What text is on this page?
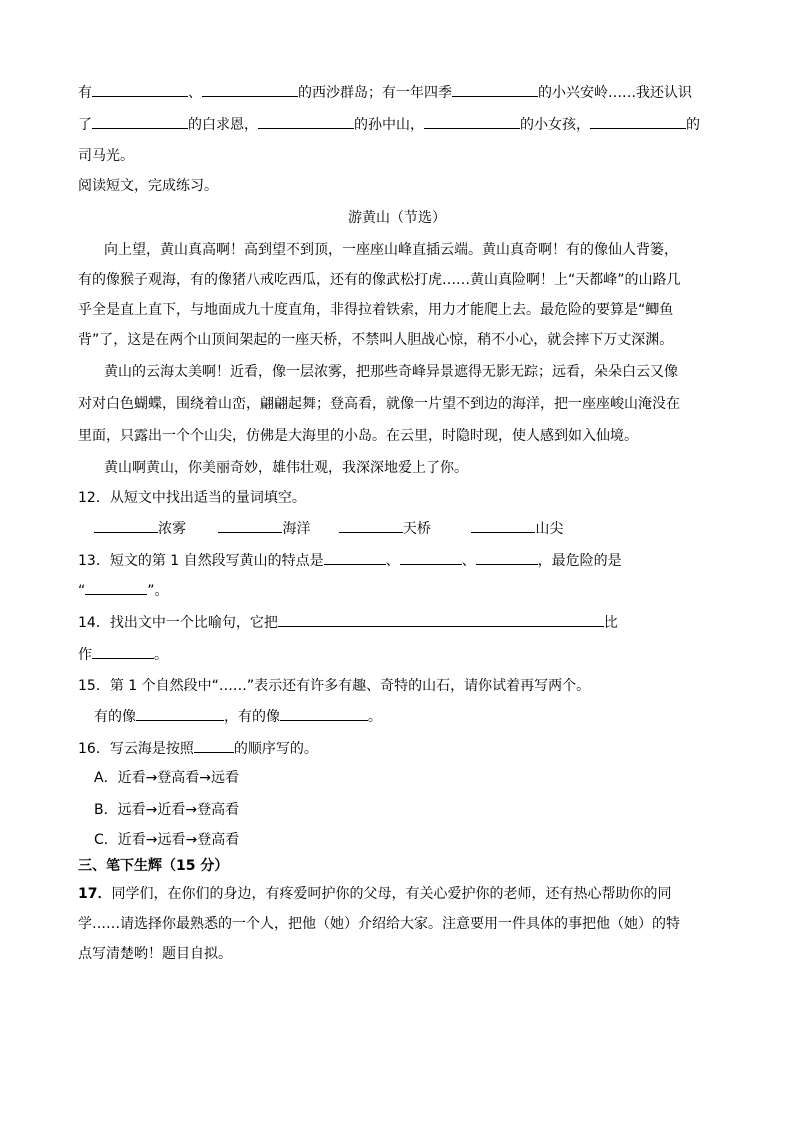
有	、	的西沙群岛；有一年四季	的小兴安岭……我还认识
了	的白求恩，	的孙中山，	的小女孩，	的
司马光。
阅读短文，完成练习。
游黄山（节选）
向上望，黄山真高啊！高到望不到顶，一座座山峰直插云端。黄山真奇啊！有的像仙人背篓，
有的像猴子观海，有的像猪八戒吃西瓜，还有的像武松打虎……黄山真险啊！上“天都峰”的山路几
乎全是直上直下，与地面成九十度直角，非得拉着铁索，用力才能爬上去。最危险的要算是“鲫鱼
背”了，这是在两个山顶间架起的一座天桥，不禁叫人胆战心惊，稍不小心，就会摔下万丈深渊。
黄山的云海太美啊！近看，像一层浓雾，把那些奇峰异景遮得无影无踪；远看，朵朵白云又像
对对白色蝴蝶，围绕着山峦，翩翩起舞；登高看，就像一片望不到边的海洋，把一座座峻山淹没在
里面，只露出一个个山尖，仿佛是大海里的小岛。在云里，时隐时现，使人感到如入仙境。
黄山啊黄山，你美丽奇妙，雄伟壮观，我深深地爱上了你。
12．从短文中找出适当的量词填空。
浓雾	海洋	天桥	山尖
13．短文的第 1 自然段写黄山的特点是	、	、	，最危险的是
“	”。
14．找出文中一个比喻句，它把	比
作	。
15．第 1 个自然段中“……”表示还有许多有趣、奇特的山石，请你试着再写两个。
有的像	，有的像	。
16．写云海是按照	的顺序写的。
A．近看→登高看→远看
B．远看→近看→登高看
C．近看→远看→登高看
三、笔下生辉（15 分）
17．同学们，在你们的身边，有疼爱呵护你的父母，有关心爱护你的老师，还有热心帮助你的同
学……请选择你最熟悉的一个人，把他（她）介绍给大家。注意要用一件具体的事把他（她）的特
点写清楚哟！题目自拟。
